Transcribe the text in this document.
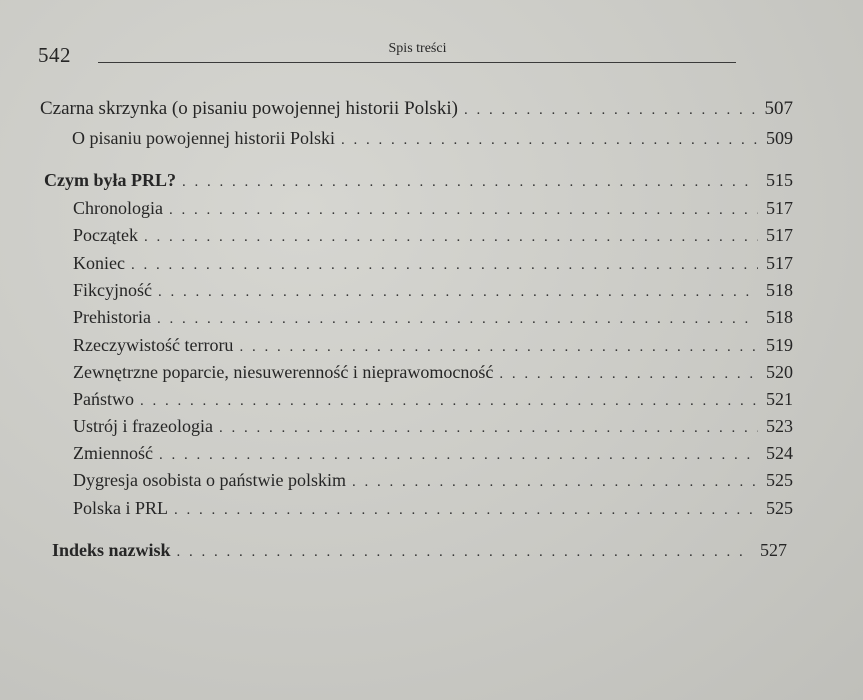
542	Spis treści
Czarna skrzynka (o pisaniu powojennej historii Polski) . . .	507
O pisaniu powojennej historii Polski . . .	509
Czym była PRL? . . .	515
Chronologia . . .	517
Początek . . .	517
Koniec . . .	517
Fikcyjność . . .	518
Prehistoria . . .	518
Rzeczywistość terroru . . .	519
Zewnętrzne poparcie, niesuwerenność i nieprawomocność . . .	520
Państwo . . .	521
Ustrój i frazeologia . . .	523
Zmienność . . .	524
Dygresja osobista o państwie polskim . . .	525
Polska i PRL . . .	525
Indeks nazwisk . . .	527
